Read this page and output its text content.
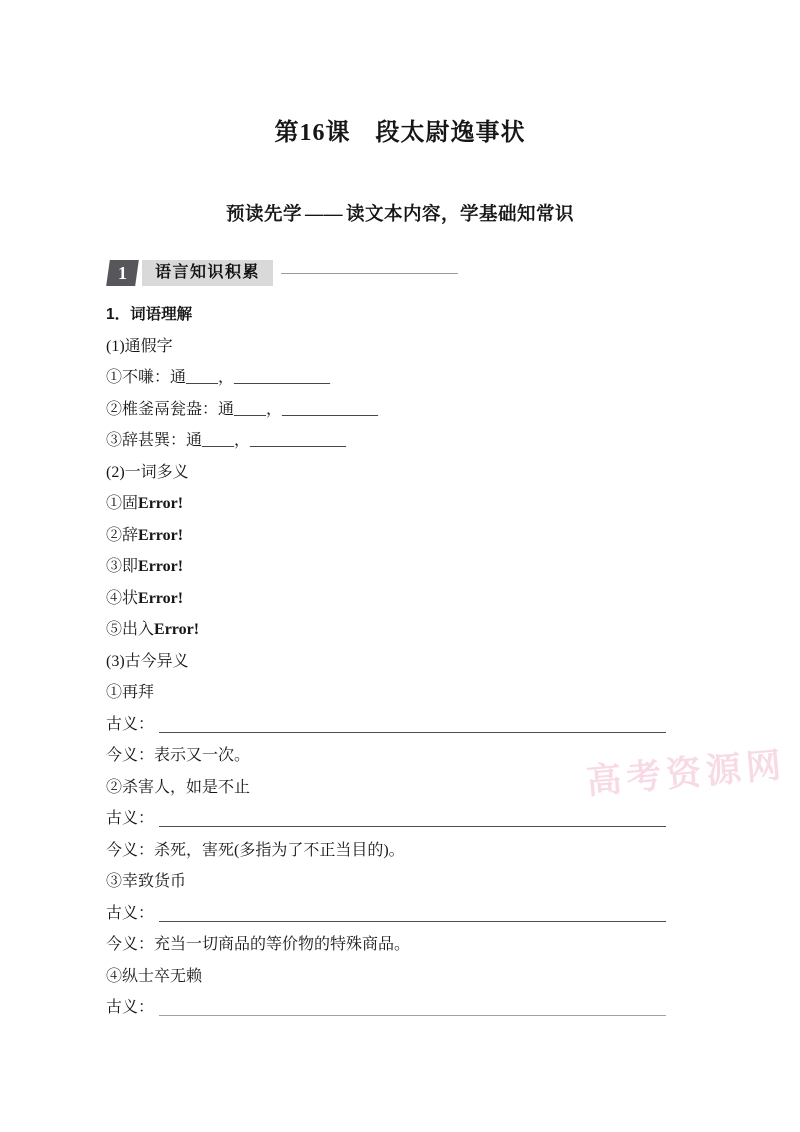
第16课　段太尉逸事状
预读先学 —— 读文本内容，学基础知常识
1	语言知识积累
1．词语理解
(1)通假字
①不嗛：通____，____________
②椎釜鬲瓮盎：通____，____________
③辞甚巽：通____，____________
(2)一词多义
①固Error!
②辞Error!
③即Error!
④状Error!
⑤出入Error!
(3)古今异义
①再拜
古义：
今义：表示又一次。
②杀害人，如是不止
古义：
今义：杀死，害死(多指为了不正当目的)。
③幸致货币
古义：
今义：充当一切商品的等价物的特殊商品。
④纵士卒无赖
古义：
高考资源网
